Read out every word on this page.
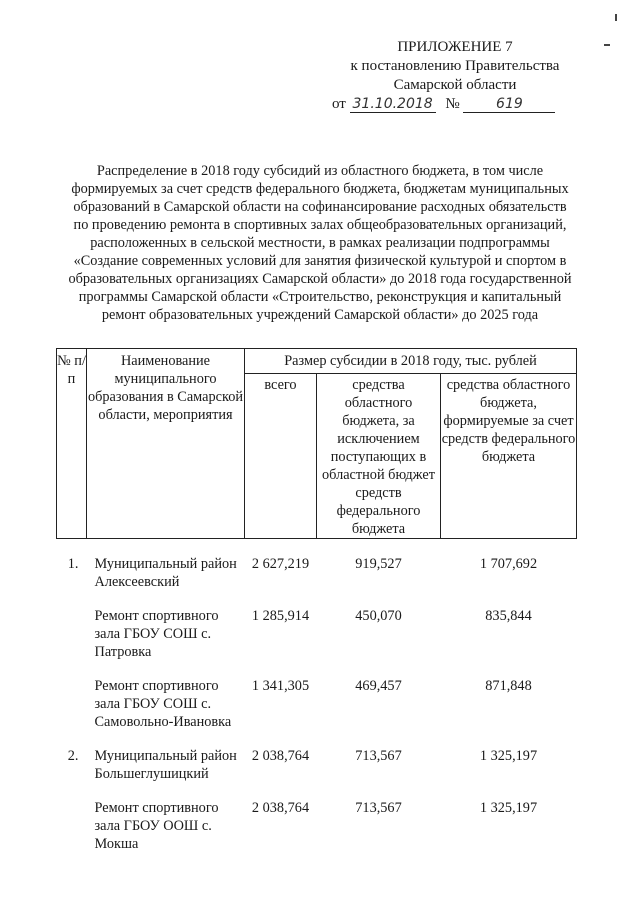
ПРИЛОЖЕНИЕ 7
к постановлению Правительства
Самарской области
от 31.10.2018 №	619
Распределение в 2018 году субсидий из областного бюджета, в том числе формируемых за счет средств федерального бюджета, бюджетам муниципальных образований в Самарской области на софинансирование расходных обязательств по проведению ремонта в спортивных залах общеобразовательных организаций, расположенных в сельской местности, в рамках реализации подпрограммы «Создание современных условий для занятия физической культурой и спортом в образовательных организациях Самарской области» до 2018 года государственной программы Самарской области «Строительство, реконструкция и капитальный ремонт образовательных учреждений Самарской области» до 2025 года
№ п/п	Наименование муниципального образования в Самарской области, мероприятия	Размер субсидии в 2018 году, тыс. рублей		
		всего	средства областного бюджета, за исключением поступающих в областной бюджет средств федерального бюджета	средства областного бюджета, формируемые за счет средств федерального бюджета

1.	Муниципальный район Алексеевский	2 627,219	919,527	1 707,692

	Ремонт спортивного зала ГБОУ СОШ с. Патровка	1 285,914	450,070	835,844

	Ремонт спортивного зала ГБОУ СОШ с. Самовольно-Ивановка	1 341,305	469,457	871,848

2.	Муниципальный район Большеглушицкий	2 038,764	713,567	1 325,197

	Ремонт спортивного зала ГБОУ ООШ с. Мокша	2 038,764	713,567	1 325,197
